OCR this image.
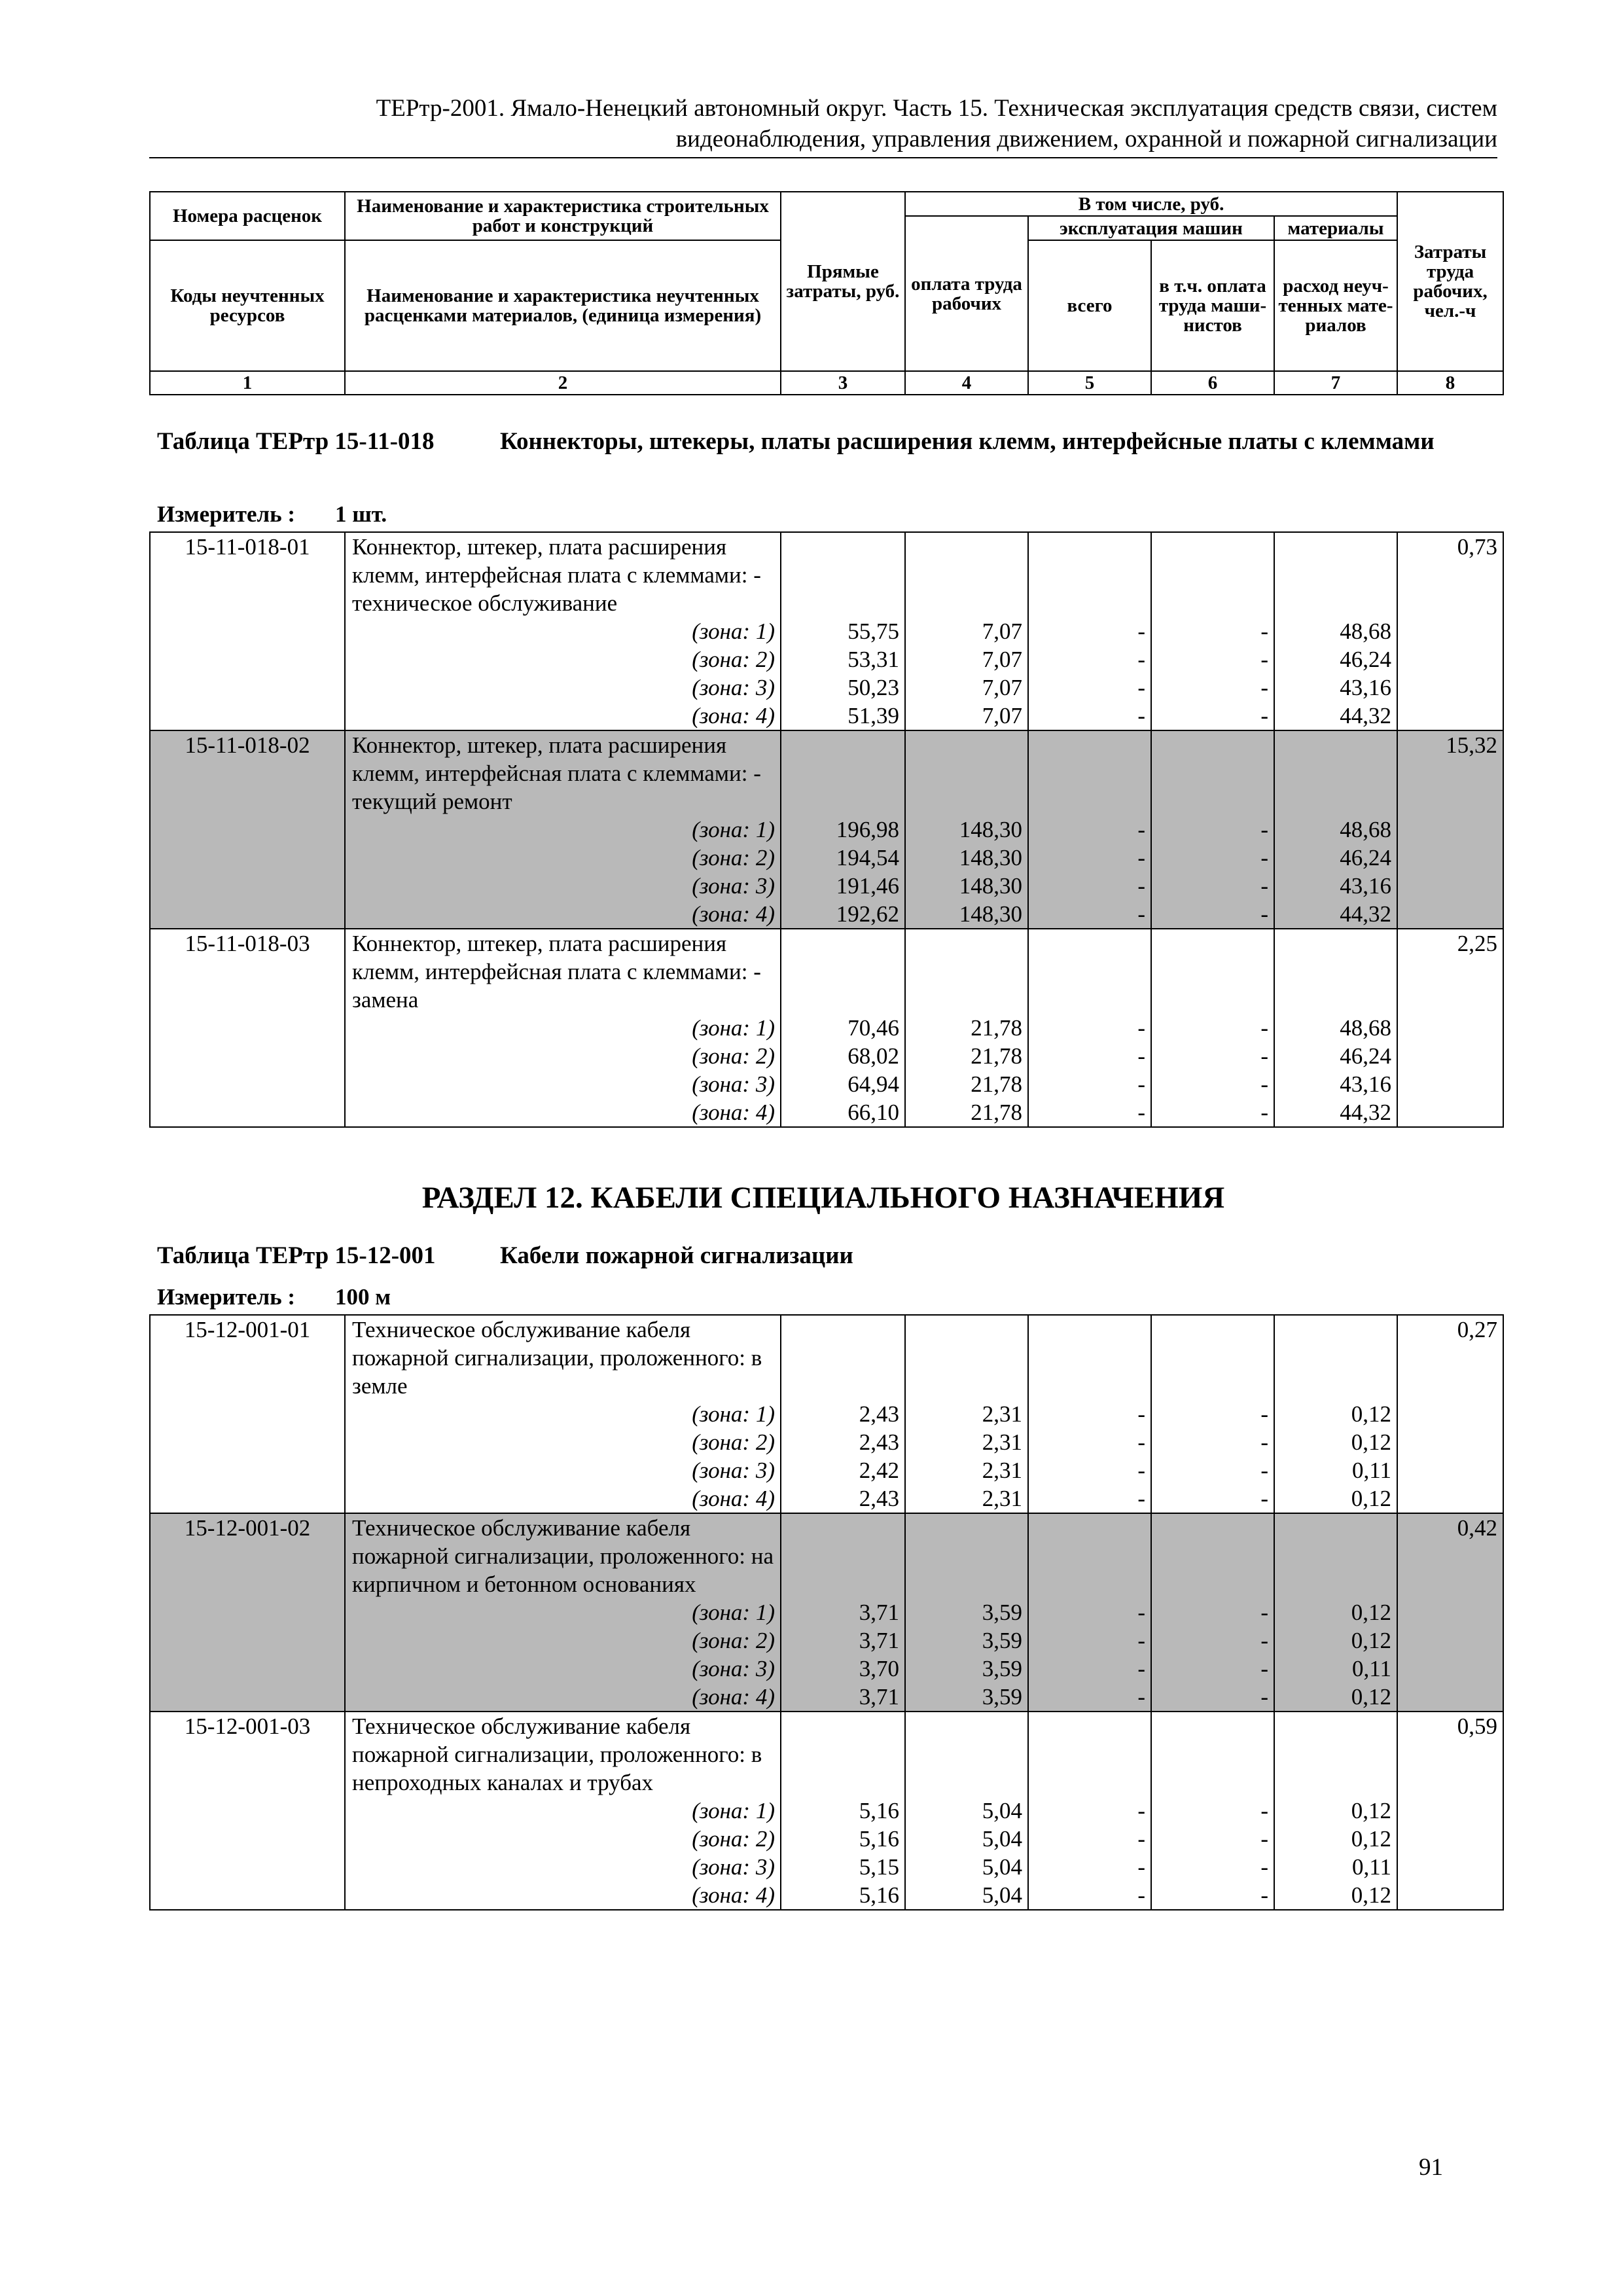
ТЕРтр-2001. Ямало-Ненецкий автономный округ. Часть 15. Техническая эксплуатация средств связи, систем
видеонаблюдения, управления движением, охранной и пожарной сигнализации
Номера расценок	Наименование и характеристика строительных работ и конструкций	Прямые затраты, руб.	В том числе, руб.				Затраты труда рабочих, чел.-ч
			оплата труда рабочих	эксплуатация машин		материалы	
Коды неучтенных ресурсов	Наименование и характеристика неучтенных расценками материалов, (единица измерения)			всего	в т.ч. оплата труда маши- нистов	расход неуч- тенных мате- риалов	

1	2	3	4	5	6	7	8
Таблица ТЕРтр 15-11-018	Коннекторы, штекеры, платы расширения клемм, интерфейсные платы с клеммами
Измеритель : 1 шт.
15-11-018-01	Коннектор, штекер, плата расширения клемм, интерфейсная плата с клеммами: - техническое обслуживание						0,73
	(зона: 1)	55,75	7,07	-	-	48,68	
	(зона: 2)	53,31	7,07	-	-	46,24	
	(зона: 3)	50,23	7,07	-	-	43,16	
	(зона: 4)	51,39	7,07	-	-	44,32	
15-11-018-02	Коннектор, штекер, плата расширения клемм, интерфейсная плата с клеммами: - текущий ремонт						15,32
	(зона: 1)	196,98	148,30	-	-	48,68	
	(зона: 2)	194,54	148,30	-	-	46,24	
	(зона: 3)	191,46	148,30	-	-	43,16	
	(зона: 4)	192,62	148,30	-	-	44,32	
15-11-018-03	Коннектор, штекер, плата расширения клемм, интерфейсная плата с клеммами: - замена						2,25
	(зона: 1)	70,46	21,78	-	-	48,68	
	(зона: 2)	68,02	21,78	-	-	46,24	
	(зона: 3)	64,94	21,78	-	-	43,16	
	(зона: 4)	66,10	21,78	-	-	44,32	
РАЗДЕЛ 12. КАБЕЛИ СПЕЦИАЛЬНОГО НАЗНАЧЕНИЯ
Таблица ТЕРтр 15-12-001	Кабели пожарной сигнализации
Измеритель : 100 м
15-12-001-01	Техническое обслуживание кабеля пожарной сигнализации, проложенного: в земле						0,27
	(зона: 1)	2,43	2,31	-	-	0,12	
	(зона: 2)	2,43	2,31	-	-	0,12	
	(зона: 3)	2,42	2,31	-	-	0,11	
	(зона: 4)	2,43	2,31	-	-	0,12	
15-12-001-02	Техническое обслуживание кабеля пожарной сигнализации, проложенного: на кирпичном и бетонном основаниях						0,42
	(зона: 1)	3,71	3,59	-	-	0,12	
	(зона: 2)	3,71	3,59	-	-	0,12	
	(зона: 3)	3,70	3,59	-	-	0,11	
	(зона: 4)	3,71	3,59	-	-	0,12	
15-12-001-03	Техническое обслуживание кабеля пожарной сигнализации, проложенного: в непроходных каналах и трубах						0,59
	(зона: 1)	5,16	5,04	-	-	0,12	
	(зона: 2)	5,16	5,04	-	-	0,12	
	(зона: 3)	5,15	5,04	-	-	0,11	
	(зона: 4)	5,16	5,04	-	-	0,12	
91
